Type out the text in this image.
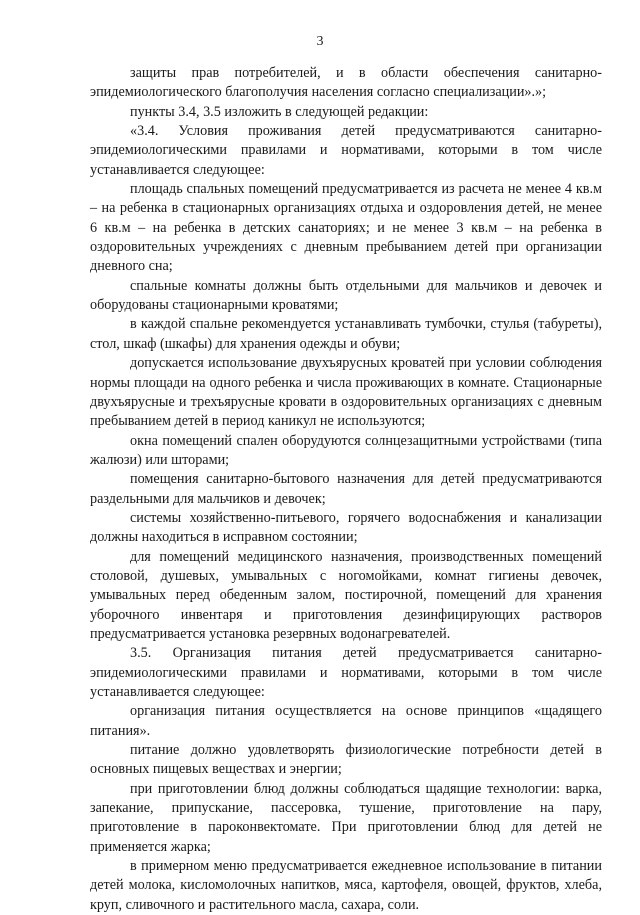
3

защиты прав потребителей, и в области обеспечения санитарно-эпидемиологического благополучия населения согласно специализации».»;

пункты 3.4, 3.5 изложить в следующей редакции:

«3.4. Условия проживания детей предусматриваются санитарно-эпидемиологическими правилами и нормативами, которыми в том числе устанавливается следующее:

площадь спальных помещений предусматривается из расчета не менее 4 кв.м – на ребенка в стационарных организациях отдыха и оздоровления детей, не менее 6 кв.м – на ребенка в детских санаториях; и не менее 3 кв.м – на ребенка в оздоровительных учреждениях с дневным пребыванием детей при организации дневного сна;

спальные комнаты должны быть отдельными для мальчиков и девочек и оборудованы стационарными кроватями;

в каждой спальне рекомендуется устанавливать тумбочки, стулья (табуреты), стол, шкаф (шкафы) для хранения одежды и обуви;

допускается использование двухъярусных кроватей при условии соблюдения нормы площади на одного ребенка и числа проживающих в комнате. Стационарные двухъярусные и трехъярусные кровати в оздоровительных организациях с дневным пребыванием детей в период каникул не используются;

окна помещений спален оборудуются солнцезащитными устройствами (типа жалюзи) или шторами;

помещения санитарно-бытового назначения для детей предусматриваются раздельными для мальчиков и девочек;

системы хозяйственно-питьевого, горячего водоснабжения и канализации должны находиться в исправном состоянии;

для помещений медицинского назначения, производственных помещений столовой, душевых, умывальных с ногомойками, комнат гигиены девочек, умывальных перед обеденным залом, постирочной, помещений для хранения уборочного инвентаря и приготовления дезинфицирующих растворов предусматривается установка резервных водонагревателей.

3.5. Организация питания детей предусматривается санитарно-эпидемиологическими правилами и нормативами, которыми в том числе устанавливается следующее:

организация питания осуществляется на основе принципов «щадящего питания».

питание должно удовлетворять физиологические потребности детей в основных пищевых веществах и энергии;

при приготовлении блюд должны соблюдаться щадящие технологии: варка, запекание, припускание, пассеровка, тушение, приготовление на пару, приготовление в пароконвектомате. При приготовлении блюд для детей не применяется жарка;

в примерном меню предусматривается ежедневное использование в питании детей молока, кисломолочных напитков, мяса, картофеля, овощей, фруктов, хлеба, круп, сливочного и растительного масла, сахара, соли.
